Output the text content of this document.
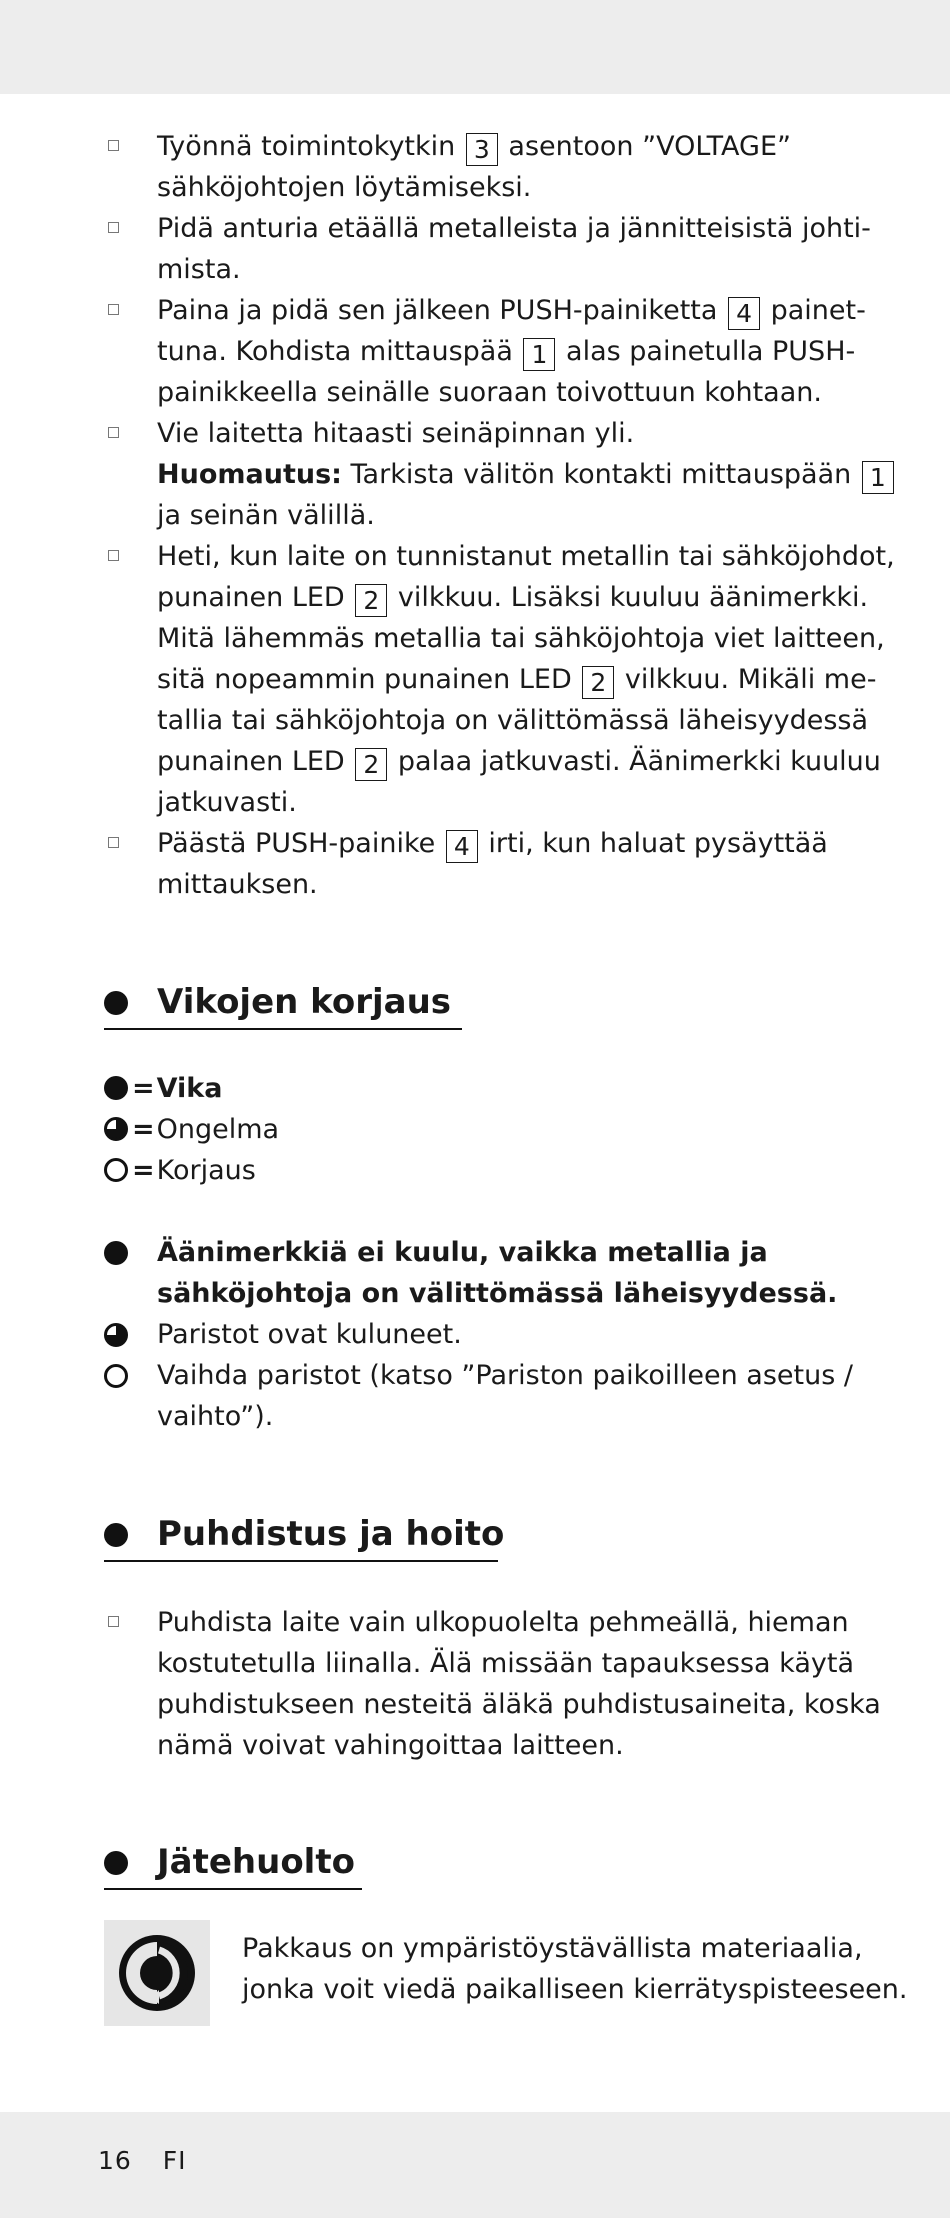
Työnnä toimintokytkin 3 asentoon ”VOLTAGE”
sähköjohtojen löytämiseksi.
Pidä anturia etäällä metalleista ja jännitteisistä johti-
mista.
Paina ja pidä sen jälkeen PUSH-painiketta 4 painet-
tuna. Kohdista mittauspää 1 alas painetulla PUSH-
painikkeella seinälle suoraan toivottuun kohtaan.
Vie laitetta hitaasti seinäpinnan yli.
Huomautus: Tarkista välitön kontakti mittauspään 1
ja seinän välillä.
Heti, kun laite on tunnistanut metallin tai sähköjohdot,
punainen LED 2 vilkkuu. Lisäksi kuuluu äänimerkki.
Mitä lähemmäs metallia tai sähköjohtoja viet laitteen,
sitä nopeammin punainen LED 2 vilkkuu. Mikäli me-
tallia tai sähköjohtoja on välittömässä läheisyydessä
punainen LED 2 palaa jatkuvasti. Äänimerkki kuuluu
jatkuvasti.
Päästä PUSH-painike 4 irti, kun haluat pysäyttää
mittauksen.
Vikojen korjaus
=Vika
=Ongelma
=Korjaus
Äänimerkkiä ei kuulu, vaikka metallia ja
sähköjohtoja on välittömässä läheisyydessä.
Paristot ovat kuluneet.
Vaihda paristot (katso ”Pariston paikoilleen asetus /
vaihto”).
Puhdistus ja hoito
Puhdista laite vain ulkopuolelta pehmeällä, hieman
kostutetulla liinalla. Älä missään tapauksessa käytä
puhdistukseen nesteitä äläkä puhdistusaineita, koska
nämä voivat vahingoittaa laitteen.
Jätehuolto
Pakkaus on ympäristöystävällista materiaalia,
jonka voit viedä paikalliseen kierrätyspisteeseen.
16 FI
